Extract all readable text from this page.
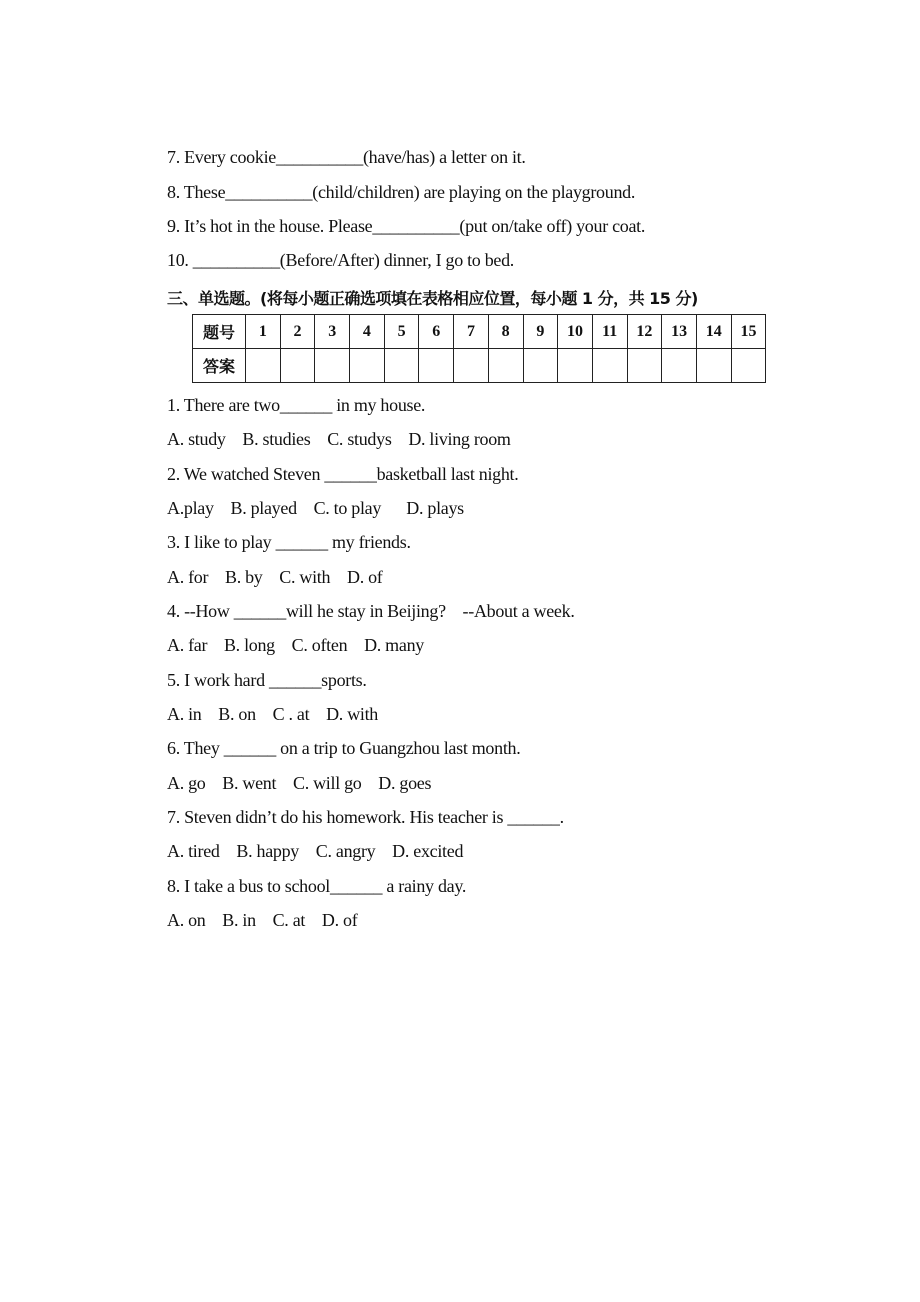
7. Every cookie__________(have/has) a letter on it.
8. These__________(child/children) are playing on the playground.
9. It’s hot in the house. Please__________(put on/take off) your coat.
10. __________(Before/After) dinner, I go to bed.
三、单选题。(将每小题正确选项填在表格相应位置，每小题 1 分，共 15 分)
题号	1	2	3	4	5	6	7	8	9	10	11	12	13	14	15
答案															
1. There are two______ in my house.
A. study    B. studies    C. studys    D. living room
2. We watched Steven ______basketball last night.
A.play    B. played    C. to play      D. plays
3. I like to play ______ my friends.
A. for    B. by    C. with    D. of
4. --How ______will he stay in Beijing?    --About a week.
A. far    B. long    C. often    D. many
5. I work hard ______sports.
A. in    B. on    C . at    D. with
6. They ______ on a trip to Guangzhou last month.
A. go    B. went    C. will go    D. goes
7. Steven didn’t do his homework. His teacher is ______.
A. tired    B. happy    C. angry    D. excited
8. I take a bus to school______ a rainy day.
A. on    B. in    C. at    D. of
